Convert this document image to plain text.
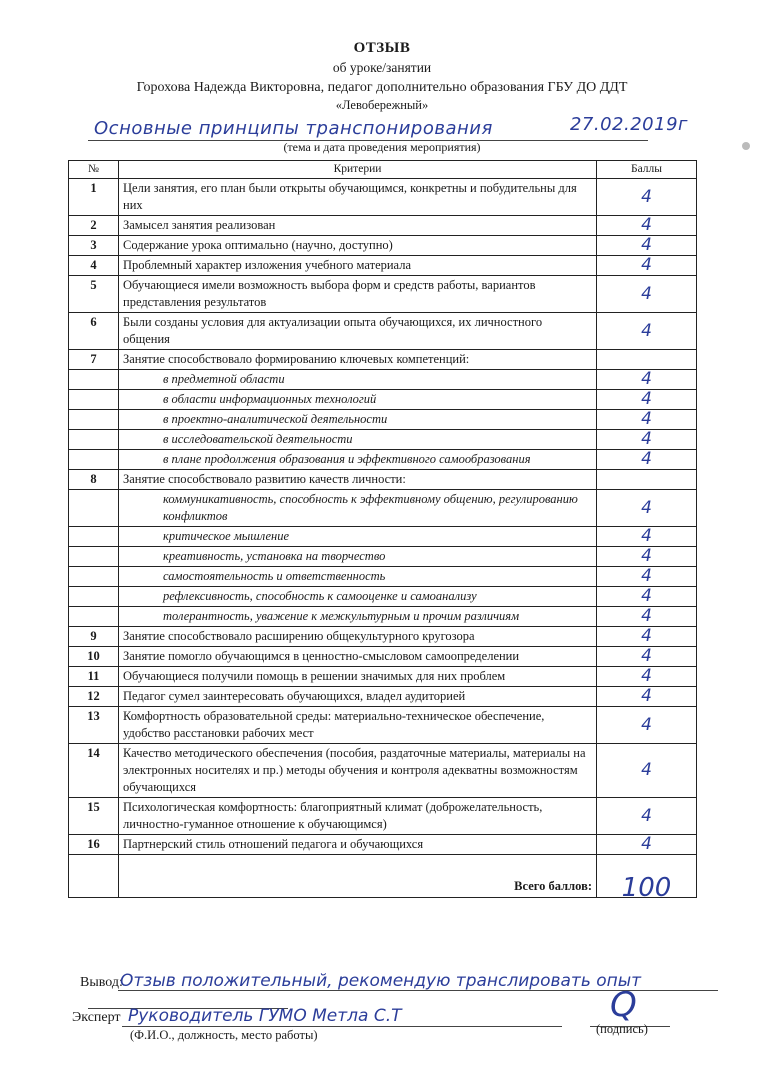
ОТЗЫВ
об уроке/занятии
Горохова Надежда Викторовна, педагог дополнительно образования ГБУ ДО ДДТ
«Левобережный»
Основные принципы транспонирования	27.02.2019г
(тема и дата проведения мероприятия)
№	Критерии	Баллы
1	Цели занятия, его план были открыты обучающимся, конкретны и побудительны для них	4
2	Замысел занятия реализован	4
3	Содержание урока оптимально (научно, доступно)	4
4	Проблемный характер изложения учебного материала	4
5	Обучающиеся имели возможность выбора форм и средств работы, вариантов представления результатов	4
6	Были созданы условия для актуализации опыта обучающихся, их личностного общения	4
7	Занятие способствовало формированию ключевых компетенций:	
	в предметной области	4
	в области информационных технологий	4
	в проектно-аналитической деятельности	4
	в исследовательской деятельности	4
	в плане продолжения образования и эффективного самообразования	4
8	Занятие способствовало развитию качеств личности:	
	коммуникативность, способность к эффективному общению, регулированию конфликтов	4
	критическое мышление	4
	креативность, установка на творчество	4
	самостоятельность и ответственность	4
	рефлексивность, способность к самооценке и самоанализу	4
	толерантность, уважение к межкультурным и прочим различиям	4
9	Занятие способствовало расширению общекультурного кругозора	4
10	Занятие помогло обучающимся в ценностно-смысловом самоопределении	4
11	Обучающиеся получили помощь в решении значимых для них проблем	4
12	Педагог сумел заинтересовать обучающихся, владел аудиторией	4
13	Комфортность образовательной среды: материально-техническое обеспечение, удобство расстановки рабочих мест	4
14	Качество методического обеспечения (пособия, раздаточные материалы, материалы на электронных носителях и пр.) методы обучения и контроля адекватны возможностям обучающихся	4
15	Психологическая комфортность: благоприятный климат (доброжелательность, личностно-гуманное отношение к обучающимся)	4
16	Партнерский стиль отношений педагога и обучающихся	4
	Всего баллов:	100
Вывод:
Отзыв положительный, рекомендую транслировать опыт
Эксперт Руководитель ГУМО Метла С.Т	Q
(Ф.И.О., должность, место работы)	(подпись)
